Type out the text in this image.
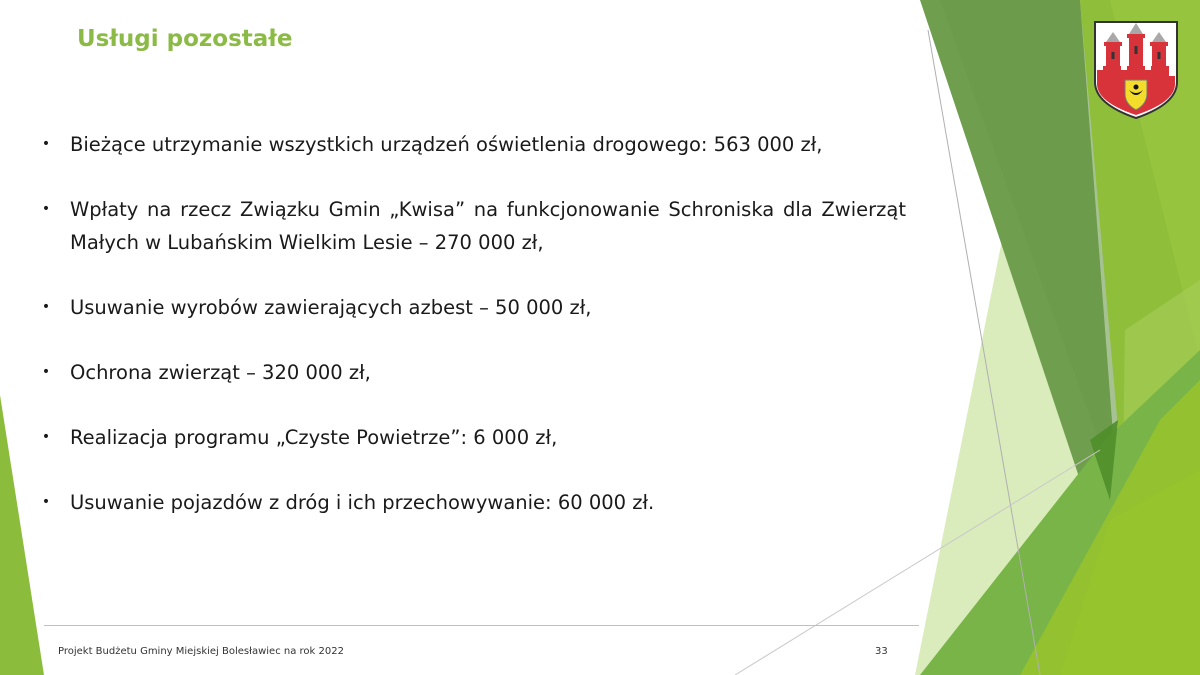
Usługi pozostałe
• Bieżące utrzymanie wszystkich urządzeń oświetlenia drogowego: 563 000 zł,
• Wpłaty na rzecz Związku Gmin „Kwisa” na funkcjonowanie Schroniska dla Zwierząt Małych w Lubańskim Wielkim Lesie – 270 000 zł,
• Usuwanie wyrobów zawierających azbest – 50 000 zł,
• Ochrona zwierząt – 320 000 zł,
• Realizacja programu „Czyste Powietrze”: 6 000 zł,
• Usuwanie pojazdów z dróg i ich przechowywanie: 60 000 zł.
Projekt Budżetu Gminy Miejskiej Bolesławiec na rok 2022	33
